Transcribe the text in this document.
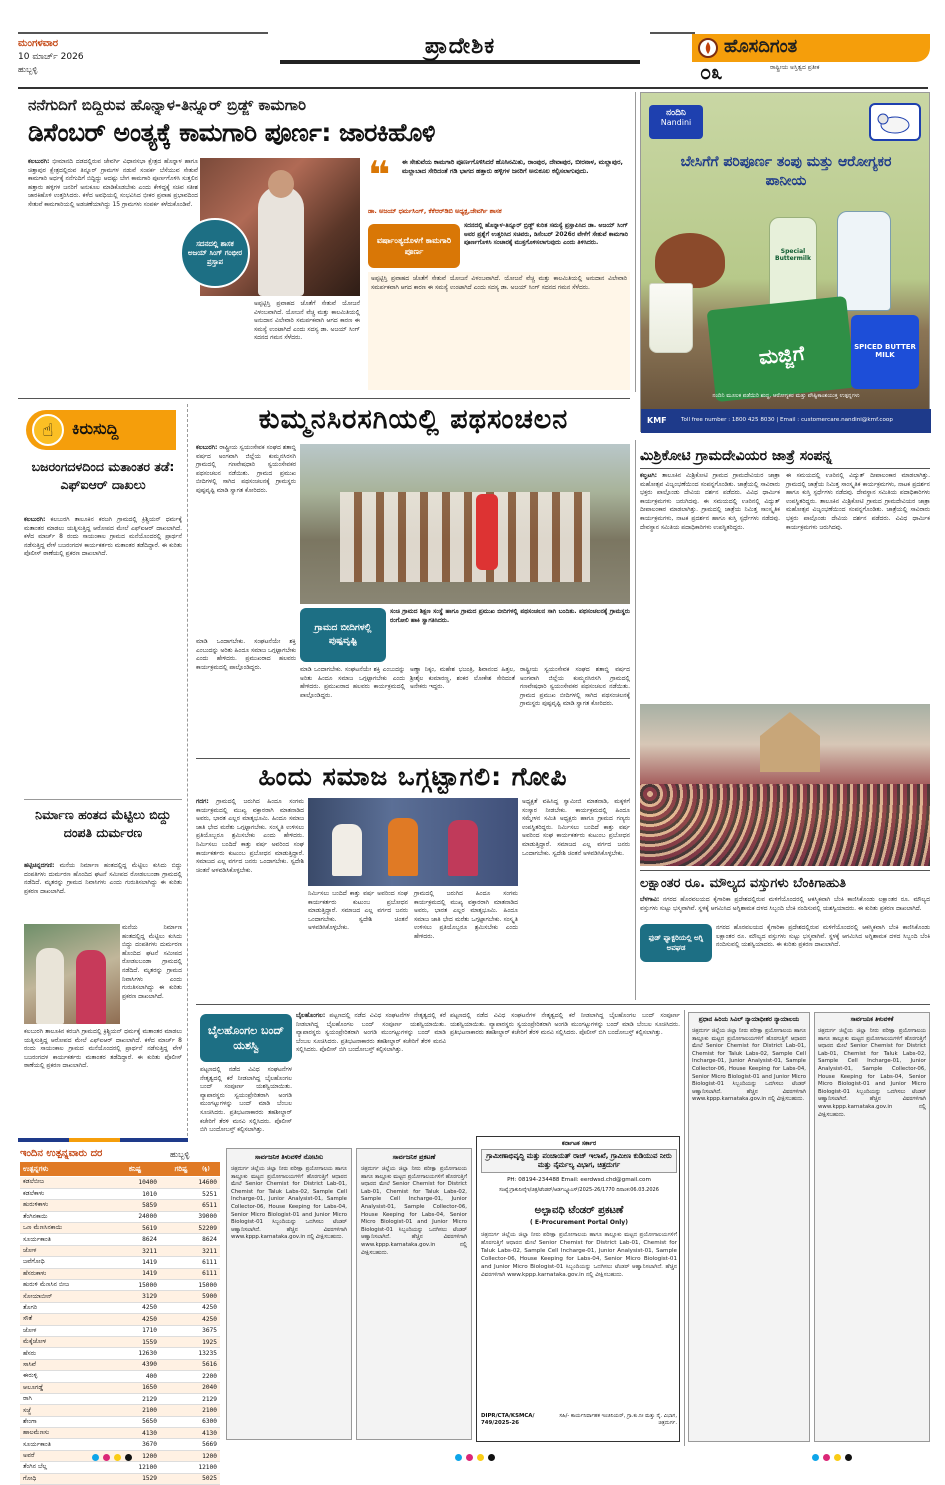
ಮಂಗಳವಾರ
10 ಮಾರ್ಚ್ 2026
ಹುಬ್ಬಳ್ಳಿ
ಪ್ರಾದೇಶಿಕ	ಹೊಸದಿಗಂತ
ರಾಷ್ಟ್ರೀಯ ಅಸ್ತಿತ್ವದ ಪ್ರತೀಕ
೦೩
ನನೆಗುದಿಗೆ ಬಿದ್ದಿರುವ ಹೊನ್ನಾಳ-ತಿನ್ನೂರ್ ಬ್ರಿಡ್ಜ್ ಕಾಮಗಾರಿ
ಡಿಸೆಂಬರ್ ಅಂತ್ಯಕ್ಕೆ ಕಾಮಗಾರಿ ಪೂರ್ಣ: ಜಾರಕಿಹೊಳಿ
ಕಲಬುರಗಿ: ಭೀಮಾನದಿ ದಡದಲ್ಲಿರುವ ಜೇವರ್ಗಿ ವಿಧಾನಸಭಾ ಕ್ಷೇತ್ರದ ಹೊನ್ನಾಳ ಹಾಗೂ ಚಿತ್ತಾಪುರ ಕ್ಷೇತ್ರದಲ್ಲಿರುವ ತಿನ್ನೂರ್ ಗ್ರಾಮಗಳ ನಡುವೆ ಸಂಪರ್ಕ ಬೆಸೆಯುವ ಸೇತುವೆ ಕಾಮಗಾರಿ ಅರ್ಧಕ್ಕೆ ನನೆಗುದಿಗೆ ಬಿದ್ದಿದ್ದು ಆದಷ್ಟು ಬೇಗ ಕಾಮಗಾರಿ ಪೂರ್ಣಗೊಳಿಸಿ ಸುತ್ತಲಿನ ಹತ್ತಾರು ಹಳ್ಳಿಗಳ ಜನರಿಗೆ ಅನುಕೂಲ ಮಾಡಿಕೊಡಬೇಕು ಎಂದು ಕೇಳಿದ್ದಕ್ಕೆ ಸಚಿವ ಸತೀಶ ಜಾರಕಿಹೊಳಿ ಉತ್ತರಿಸಿದರು. ಕಳೆದ ಅವಧಿಯಲ್ಲಿ ಸಂಭವಿಸಿದ ಭೀಕರ ಪ್ರವಾಹ ಪ್ರಭಾವದಿಂದ ಸೇತುವೆ ಕಾಮಗಾರಿಯಲ್ಲಿ ಅಡಚಣೆಯಾಗಿದ್ದು 15 ಗ್ರಾಮಗಳು ಸಂಪರ್ಕ ಕಳೆದುಕೊಂಡಿವೆ.
ಸದನದಲ್ಲಿ ಶಾಸಕ ಅಜಯ್ ಸಿಂಗ್ ಗಂಭೀರ ಪ್ರಸ್ತಾಪ
ಅಪ್ಪಟ್ಟಿಸ್ತಿ ಪ್ರವಾಹದ ಜೊತೆಗೆ ಸೇತುವೆ ಯೋಜನೆ ವಿಳಂಬವಾಗಿದೆ. ಯೋಜನೆ ವೆಚ್ಚ ಮತ್ತು ಕಾಲಮಿತಿಯಲ್ಲಿ ಅನುದಾನ ವಿಲೇವಾರಿ ಸಮರ್ಪಕವಾಗಿ ಆಗದ ಕಾರಣ ಈ ಸಮಸ್ಯೆ ಉಂಟಾಗಿದೆ ಎಂದು ಸದಸ್ಯ ಡಾ. ಅಜಯ್ ಸಿಂಗ್ ಸದನದ ಗಮನ ಸೆಳೆದರು.
❝	ಈ ಸೇತುವೆಯ ಕಾಮಗಾರಿ ಪೂರ್ಣಗೊಳಿಸಿದರೆ ಹೊಸಿನಮಿತು, ರಾಂಪುರ, ದೇವಾಪುರ, ಬೀರನಾಳ, ಮಲ್ಲಾಪುರ, ಮಲ್ಲಾಬಾದ ಸೇರಿದಂತೆ ಗಡಿ ಭಾಗದ ಹತ್ತಾರು ಹಳ್ಳಿಗಳ ಜನರಿಗೆ ಅನುಕೂಲ ಕಲ್ಪಿಸಲಾಗುವುದು.
ಡಾ. ಅಜಯ್ ಧರ್ಮಸಿಂಗ್, ಕೆಕೆಆರ್‌ಡಿಬಿ ಅಧ್ಯಕ್ಷ,ಜೇವರ್ಗಿ ಶಾಸಕ
ವರ್ಷಾಂತ್ಯದೊಳಗೆ ಕಾಮಗಾರಿ ಪೂರ್ಣ
ಸದನದಲ್ಲಿ ಹೊನ್ನಾಳ-ತಿನ್ನೂರ್ ಬ್ರಿಡ್ಜ್ ಕುರಿತ ಸಮಸ್ಯೆ ಪ್ರಸ್ತಾಪಿಸಿದ ಡಾ. ಅಜಯ್ ಸಿಂಗ್ ಅವರ ಪ್ರಶ್ನೆಗೆ ಉತ್ತರಿಸಿದ ಸಚಿವರು, ಡಿಸೆಂಬರ್ 2026ರ ವೇಳೆಗೆ ಸೇತುವೆ ಕಾಮಗಾರಿ ಪೂರ್ಣಗೊಳಿಸಿ ಸಂಚಾರಕ್ಕೆ ಮುಕ್ತಗೊಳಿಸಲಾಗುವುದು ಎಂದು ತಿಳಿಸಿದರು.
ಅಪ್ಪಟ್ಟಿಸ್ತಿ ಪ್ರವಾಹದ ಜೊತೆಗೆ ಸೇತುವೆ ಯೋಜನೆ ವಿಳಂಬವಾಗಿದೆ. ಯೋಜನೆ ವೆಚ್ಚ ಮತ್ತು ಕಾಲಮಿತಿಯಲ್ಲಿ ಅನುದಾನ ವಿಲೇವಾರಿ ಸಮರ್ಪಕವಾಗಿ ಆಗದ ಕಾರಣ ಈ ಸಮಸ್ಯೆ ಉಂಟಾಗಿದೆ ಎಂದು ಸದಸ್ಯ ಡಾ. ಅಜಯ್ ಸಿಂಗ್ ಸದನದ ಗಮನ ಸೆಳೆದರು.
ನಂದಿನಿ
Nandini
ಬೇಸಿಗೆಗೆ ಪರಿಪೂರ್ಣ ತಂಪು ಮತ್ತು ಆರೋಗ್ಯಕರ ಪಾನೀಯ
Special Buttermilk
ಮಜ್ಜಿಗೆ	SPICED BUTTER MILK
ನಂದಿನಿ ಮೂಲಕ ಪಡೆಯಿರಿ ಶುದ್ಧ, ಆರೋಗ್ಯಕರ ಮತ್ತು ಪೌಷ್ಟಿಕಾಂಶಯುಕ್ತ ಉತ್ಪನ್ನಗಳು
KMF	Toll free number : 1800 425 8030 | Email : customercare.nandini@kmf.coop
☝	ಕಿರುಸುದ್ದಿ
ಬಜರಂಗದಳದಿಂದ ಮತಾಂತರ ತಡೆ: ಎಫ್‌ಐಆರ್ ದಾಖಲು
ಕಲಬುರಗಿ: ಕಲಬುರಗಿ ತಾಲೂಕಿನ ಕರಜಗಿ ಗ್ರಾಮದಲ್ಲಿ ಕ್ರಿಶ್ಚಿಯನ್ ಧರ್ಮಕ್ಕೆ ಮತಾಂತರ ಮಾಡಲು ಯತ್ನಿಸುತ್ತಿದ್ದ ಆರೋಪದ ಮೇಲೆ ಎಫ್‌ಐಆರ್ ದಾಖಲಾಗಿದೆ. ಕಳೆದ ಮಾರ್ಚ್ 8 ರಂದು ಸಾಯಂಕಾಲ ಗ್ರಾಮದ ಮನೆಯೊಂದರಲ್ಲಿ ಪ್ರಾರ್ಥನೆ ನಡೆಸುತ್ತಿದ್ದ ವೇಳೆ ಬಜರಂಗದಳ ಕಾರ್ಯಕರ್ತರು ಮತಾಂತರ ತಡೆದಿದ್ದಾರೆ. ಈ ಕುರಿತು ಪೊಲೀಸ್ ಠಾಣೆಯಲ್ಲಿ ಪ್ರಕರಣ ದಾಖಲಾಗಿದೆ.
ನಿರ್ಮಾಣ ಹಂತದ ಮೆಟ್ಟಿಲು ಬಿದ್ದು ದಂಪತಿ ದುರ್ಮರಣ
ಹಟ್ಟಿಚಿನ್ನದಗಣಿ: ಮನೆಯ ನಿರ್ಮಾಣ ಹಂತದಲ್ಲಿದ್ದ ಮೆಟ್ಟಿಲು ಕುಸಿದು ಬಿದ್ದು ದಂಪತಿಗಳು ದುರ್ಮರಣ ಹೊಂದಿದ ಘಟನೆ ಸಮೀಪದ ರೋಡಲಬಂಡಾ ಗ್ರಾಮದಲ್ಲಿ ನಡೆದಿದೆ. ಮೃತರನ್ನು ಗ್ರಾಮದ ನಿವಾಸಿಗಳು ಎಂದು ಗುರುತಿಸಲಾಗಿದ್ದು ಈ ಕುರಿತು ಪ್ರಕರಣ ದಾಖಲಾಗಿದೆ.
ಮನೆಯ ನಿರ್ಮಾಣ ಹಂತದಲ್ಲಿದ್ದ ಮೆಟ್ಟಿಲು ಕುಸಿದು ಬಿದ್ದು ದಂಪತಿಗಳು ದುರ್ಮರಣ ಹೊಂದಿದ ಘಟನೆ ಸಮೀಪದ ರೋಡಲಬಂಡಾ ಗ್ರಾಮದಲ್ಲಿ ನಡೆದಿದೆ. ಮೃತರನ್ನು ಗ್ರಾಮದ ನಿವಾಸಿಗಳು ಎಂದು ಗುರುತಿಸಲಾಗಿದ್ದು ಈ ಕುರಿತು ಪ್ರಕರಣ ದಾಖಲಾಗಿದೆ.
ಕಲಬುರಗಿ ತಾಲೂಕಿನ ಕರಜಗಿ ಗ್ರಾಮದಲ್ಲಿ ಕ್ರಿಶ್ಚಿಯನ್ ಧರ್ಮಕ್ಕೆ ಮತಾಂತರ ಮಾಡಲು ಯತ್ನಿಸುತ್ತಿದ್ದ ಆರೋಪದ ಮೇಲೆ ಎಫ್‌ಐಆರ್ ದಾಖಲಾಗಿದೆ. ಕಳೆದ ಮಾರ್ಚ್ 8 ರಂದು ಸಾಯಂಕಾಲ ಗ್ರಾಮದ ಮನೆಯೊಂದರಲ್ಲಿ ಪ್ರಾರ್ಥನೆ ನಡೆಸುತ್ತಿದ್ದ ವೇಳೆ ಬಜರಂಗದಳ ಕಾರ್ಯಕರ್ತರು ಮತಾಂತರ ತಡೆದಿದ್ದಾರೆ. ಈ ಕುರಿತು ಪೊಲೀಸ್ ಠಾಣೆಯಲ್ಲಿ ಪ್ರಕರಣ ದಾಖಲಾಗಿದೆ.
ಕುಮ್ಮನಸಿರಸಗಿಯಲ್ಲಿ ಪಥಸಂಚಲನ
ಕಲಬುರಗಿ: ರಾಷ್ಟ್ರೀಯ ಸ್ವಯಂಸೇವಕ ಸಂಘದ ಶತಾಬ್ದಿ ವರ್ಷದ ಅಂಗವಾಗಿ ಜಿಲ್ಲೆಯ ಕುಮ್ಮನಸಿರಸಗಿ ಗ್ರಾಮದಲ್ಲಿ ಗಣವೇಷಧಾರಿ ಸ್ವಯಂಸೇವಕರ ಪಥಸಂಚಲನ ನಡೆಯಿತು. ಗ್ರಾಮದ ಪ್ರಮುಖ ಬೀದಿಗಳಲ್ಲಿ ಸಾಗಿದ ಪಥಸಂಚಲನಕ್ಕೆ ಗ್ರಾಮಸ್ಥರು ಪುಷ್ಪವೃಷ್ಟಿ ಮಾಡಿ ಸ್ವಾಗತ ಕೋರಿದರು.
ಗ್ರಾಮದ ಬೀದಿಗಳಲ್ಲಿ ಪುಷ್ಪವೃಷ್ಟಿ
ಸಂಚಿ ಗ್ರಾಮದ ಶಿಕ್ಷಣ ಸಂಸ್ಥೆ ಹಾಗೂ ಗ್ರಾಮದ ಪ್ರಮುಖ ಬೀದಿಗಳಲ್ಲಿ ಪಥಸಂಚಲನ ಸಾಗಿ ಬಂದಿತು. ಪಥಸಂಚಲನಕ್ಕೆ ಗ್ರಾಮಸ್ಥರು ರಂಗೋಲಿ ಹಾಕಿ ಸ್ವಾಗತಿಸಿದರು.
ಮಾಡಿ ಒಂದಾಗಬೇಕು. ಸಂಘಟನೆಯೇ ಶಕ್ತಿ ಎಂಬುದನ್ನು ಅರಿತು ಹಿಂದೂ ಸಮಾಜ ಒಗ್ಗಟ್ಟಾಗಬೇಕು ಎಂದು ಹೇಳಿದರು. ಪ್ರಮುಖರಾದ ಹಲವರು ಕಾರ್ಯಕ್ರಮದಲ್ಲಿ ಪಾಲ್ಗೊಂಡಿದ್ದರು.	ಮಾಡಿ ಒಂದಾಗಬೇಕು. ಸಂಘಟನೆಯೇ ಶಕ್ತಿ ಎಂಬುದನ್ನು ಅರಿತು ಹಿಂದೂ ಸಮಾಜ ಒಗ್ಗಟ್ಟಾಗಬೇಕು ಎಂದು ಹೇಳಿದರು. ಪ್ರಮುಖರಾದ ಹಲವರು ಕಾರ್ಯಕ್ರಮದಲ್ಲಿ ಪಾಲ್ಗೊಂಡಿದ್ದರು.
ಅಣ್ಣಾ ನಿಕ್ಕಂ, ಮಹೇಶ ಭಜಂತ್ರಿ, ಶಿವಾನಂದ ಹಿತ್ತಲ, ಶ್ರೀಶೈಲ ಕುಮಾರಣ್ಣ, ಶಂಕರ ಲೋಕೇಶ ಸೇರಿದಂತೆ ಅನೇಕರು ಇದ್ದರು.
ರಾಷ್ಟ್ರೀಯ ಸ್ವಯಂಸೇವಕ ಸಂಘದ ಶತಾಬ್ದಿ ವರ್ಷದ ಅಂಗವಾಗಿ ಜಿಲ್ಲೆಯ ಕುಮ್ಮನಸಿರಸಗಿ ಗ್ರಾಮದಲ್ಲಿ ಗಣವೇಷಧಾರಿ ಸ್ವಯಂಸೇವಕರ ಪಥಸಂಚಲನ ನಡೆಯಿತು. ಗ್ರಾಮದ ಪ್ರಮುಖ ಬೀದಿಗಳಲ್ಲಿ ಸಾಗಿದ ಪಥಸಂಚಲನಕ್ಕೆ ಗ್ರಾಮಸ್ಥರು ಪುಷ್ಪವೃಷ್ಟಿ ಮಾಡಿ ಸ್ವಾಗತ ಕೋರಿದರು.
ಮಿಶ್ರಿಕೋಟಿ ಗ್ರಾಮದೇವಿಯರ ಜಾತ್ರೆ ಸಂಪನ್ನ
ಕಲ್ಘಟಗಿ: ತಾಲೂಕಿನ ಮಿಶ್ರಿಕೋಟಿ ಗ್ರಾಮದ ಗ್ರಾಮದೇವಿಯರ ಜಾತ್ರಾ ಮಹೋತ್ಸವ ವಿಜೃಂಭಣೆಯಿಂದ ಸಂಪನ್ನಗೊಂಡಿತು. ಜಾತ್ರೆಯಲ್ಲಿ ಸಾವಿರಾರು ಭಕ್ತರು ಪಾಲ್ಗೊಂಡು ದೇವಿಯ ದರ್ಶನ ಪಡೆದರು. ವಿವಿಧ ಧಾರ್ಮಿಕ ಕಾರ್ಯಕ್ರಮಗಳು ಜರುಗಿದವು. ಈ ಸಮಯದಲ್ಲಿ ಊರಿನಲ್ಲಿ ವಿದ್ಯುತ್ ದೀಪಾಲಂಕಾರ ಮಾಡಲಾಗಿತ್ತು. ಗ್ರಾಮದಲ್ಲಿ ಜಾತ್ರೆಯ ನಿಮಿತ್ತ ಸಾಂಸ್ಕೃತಿಕ ಕಾರ್ಯಕ್ರಮಗಳು, ನಾಟಕ ಪ್ರದರ್ಶನ ಹಾಗೂ ಕುಸ್ತಿ ಸ್ಪರ್ಧೆಗಳು ನಡೆದವು. ದೇವಸ್ಥಾನ ಸಮಿತಿಯ ಪದಾಧಿಕಾರಿಗಳು ಉಪಸ್ಥಿತರಿದ್ದರು.
ಈ ಸಮಯದಲ್ಲಿ ಊರಿನಲ್ಲಿ ವಿದ್ಯುತ್ ದೀಪಾಲಂಕಾರ ಮಾಡಲಾಗಿತ್ತು. ಗ್ರಾಮದಲ್ಲಿ ಜಾತ್ರೆಯ ನಿಮಿತ್ತ ಸಾಂಸ್ಕೃತಿಕ ಕಾರ್ಯಕ್ರಮಗಳು, ನಾಟಕ ಪ್ರದರ್ಶನ ಹಾಗೂ ಕುಸ್ತಿ ಸ್ಪರ್ಧೆಗಳು ನಡೆದವು. ದೇವಸ್ಥಾನ ಸಮಿತಿಯ ಪದಾಧಿಕಾರಿಗಳು ಉಪಸ್ಥಿತರಿದ್ದರು. ತಾಲೂಕಿನ ಮಿಶ್ರಿಕೋಟಿ ಗ್ರಾಮದ ಗ್ರಾಮದೇವಿಯರ ಜಾತ್ರಾ ಮಹೋತ್ಸವ ವಿಜೃಂಭಣೆಯಿಂದ ಸಂಪನ್ನಗೊಂಡಿತು. ಜಾತ್ರೆಯಲ್ಲಿ ಸಾವಿರಾರು ಭಕ್ತರು ಪಾಲ್ಗೊಂಡು ದೇವಿಯ ದರ್ಶನ ಪಡೆದರು. ವಿವಿಧ ಧಾರ್ಮಿಕ ಕಾರ್ಯಕ್ರಮಗಳು ಜರುಗಿದವು.
ಹಿಂದು ಸಮಾಜ ಒಗ್ಗಟ್ಟಾಗಲಿ: ಗೋಪಿ
ಗದಗ: ಗ್ರಾಮದಲ್ಲಿ ಜರುಗಿದ ಹಿಂದೂ ಸಂಗಮ ಕಾರ್ಯಕ್ರಮದಲ್ಲಿ ಮುಖ್ಯ ವಕ್ತಾರರಾಗಿ ಮಾತನಾಡಿದ ಅವರು, ಭಾರತ ಎಲ್ಲರ ಮಾತೃಭೂಮಿ. ಹಿಂದೂ ಸಮಾಜ ಜಾತಿ ಭೇದ ಮರೆತು ಒಗ್ಗಟ್ಟಾಗಬೇಕು. ಸಂಸ್ಕೃತಿ ಉಳಿಸಲು ಪ್ರತಿಯೊಬ್ಬರೂ ಶ್ರಮಿಸಬೇಕು ಎಂದು ಹೇಳಿದರು. ನಿರ್ಮಿಸಲು ಬಂದಿದೆ ಕಾತ್ತು ವರ್ಷ ಅವರಿಂದ ಸಂಘ ಕಾರ್ಯಕರ್ತರು ಕುಟುಂಬ ಪ್ರಬೋಧನ ಮಾಡುತ್ತಿದ್ದಾರೆ. ಸಮಾಜದ ಎಲ್ಲ ವರ್ಗದ ಜನರು ಒಂದಾಗಬೇಕು. ಸ್ವದೇಶಿ ಚಿಂತನೆ ಅಳವಡಿಸಿಕೊಳ್ಳಬೇಕು.
ನಿರ್ಮಿಸಲು ಬಂದಿದೆ ಕಾತ್ತು ವರ್ಷ ಅವರಿಂದ ಸಂಘ ಕಾರ್ಯಕರ್ತರು ಕುಟುಂಬ ಪ್ರಬೋಧನ ಮಾಡುತ್ತಿದ್ದಾರೆ. ಸಮಾಜದ ಎಲ್ಲ ವರ್ಗದ ಜನರು ಒಂದಾಗಬೇಕು. ಸ್ವದೇಶಿ ಚಿಂತನೆ ಅಳವಡಿಸಿಕೊಳ್ಳಬೇಕು.
ಗ್ರಾಮದಲ್ಲಿ ಜರುಗಿದ ಹಿಂದೂ ಸಂಗಮ ಕಾರ್ಯಕ್ರಮದಲ್ಲಿ ಮುಖ್ಯ ವಕ್ತಾರರಾಗಿ ಮಾತನಾಡಿದ ಅವರು, ಭಾರತ ಎಲ್ಲರ ಮಾತೃಭೂಮಿ. ಹಿಂದೂ ಸಮಾಜ ಜಾತಿ ಭೇದ ಮರೆತು ಒಗ್ಗಟ್ಟಾಗಬೇಕು. ಸಂಸ್ಕೃತಿ ಉಳಿಸಲು ಪ್ರತಿಯೊಬ್ಬರೂ ಶ್ರಮಿಸಬೇಕು ಎಂದು ಹೇಳಿದರು.
ಅಧ್ಯಕ್ಷತೆ ವಹಿಸಿದ್ದ ಸ್ವಾಮೀಜಿ ಮಾತನಾಡಿ, ಮಕ್ಕಳಿಗೆ ಸಂಸ್ಕಾರ ನೀಡಬೇಕು. ಕಾರ್ಯಕ್ರಮದಲ್ಲಿ ಹಿಂದೂ ಸಮ್ಮೇಳನ ಸಮಿತಿ ಅಧ್ಯಕ್ಷರು ಹಾಗೂ ಗ್ರಾಮದ ಗಣ್ಯರು ಉಪಸ್ಥಿತರಿದ್ದರು. ನಿರ್ಮಿಸಲು ಬಂದಿದೆ ಕಾತ್ತು ವರ್ಷ ಅವರಿಂದ ಸಂಘ ಕಾರ್ಯಕರ್ತರು ಕುಟುಂಬ ಪ್ರಬೋಧನ ಮಾಡುತ್ತಿದ್ದಾರೆ. ಸಮಾಜದ ಎಲ್ಲ ವರ್ಗದ ಜನರು ಒಂದಾಗಬೇಕು. ಸ್ವದೇಶಿ ಚಿಂತನೆ ಅಳವಡಿಸಿಕೊಳ್ಳಬೇಕು.
ಲಕ್ಷಾಂತರ ರೂ. ಮೌಲ್ಯದ ವಸ್ತುಗಳು ಬೆಂಕಿಗಾಹುತಿ
ಬೆಳಗಾವಿ: ನಗರದ ಹೊರವಲಯದ ಕೈಗಾರಿಕಾ ಪ್ರದೇಶದಲ್ಲಿರುವ ಮಳಿಗೆಯೊಂದರಲ್ಲಿ ಆಕಸ್ಮಿಕವಾಗಿ ಬೆಂಕಿ ಕಾಣಿಸಿಕೊಂಡು ಲಕ್ಷಾಂತರ ರೂ. ಮೌಲ್ಯದ ವಸ್ತುಗಳು ಸುಟ್ಟು ಭಸ್ಮವಾಗಿವೆ. ಸ್ಥಳಕ್ಕೆ ಆಗಮಿಸಿದ ಅಗ್ನಿಶಾಮಕ ದಳದ ಸಿಬ್ಬಂದಿ ಬೆಂಕಿ ನಂದಿಸುವಲ್ಲಿ ಯಶಸ್ವಿಯಾದರು. ಈ ಕುರಿತು ಪ್ರಕರಣ ದಾಖಲಾಗಿದೆ.
ಫುಡ್ ಫ್ಯಾಕ್ಟರಿಯಲ್ಲಿ ಅಗ್ನಿ ಅವಘಡ
ನಗರದ ಹೊರವಲಯದ ಕೈಗಾರಿಕಾ ಪ್ರದೇಶದಲ್ಲಿರುವ ಮಳಿಗೆಯೊಂದರಲ್ಲಿ ಆಕಸ್ಮಿಕವಾಗಿ ಬೆಂಕಿ ಕಾಣಿಸಿಕೊಂಡು ಲಕ್ಷಾಂತರ ರೂ. ಮೌಲ್ಯದ ವಸ್ತುಗಳು ಸುಟ್ಟು ಭಸ್ಮವಾಗಿವೆ. ಸ್ಥಳಕ್ಕೆ ಆಗಮಿಸಿದ ಅಗ್ನಿಶಾಮಕ ದಳದ ಸಿಬ್ಬಂದಿ ಬೆಂಕಿ ನಂದಿಸುವಲ್ಲಿ ಯಶಸ್ವಿಯಾದರು. ಈ ಕುರಿತು ಪ್ರಕರಣ ದಾಖಲಾಗಿದೆ.
ಬೈಲಹೊಂಗಲ ಬಂದ್ ಯಶಸ್ವಿ
ಬೈಲಹೊಂಗಲ: ಪಟ್ಟಣದಲ್ಲಿ ನಡೆದ ವಿವಿಧ ಸಂಘಟನೆಗಳ ನೇತೃತ್ವದಲ್ಲಿ ಕರೆ ನೀಡಲಾಗಿದ್ದ ಬೈಲಹೊಂಗಲ ಬಂದ್ ಸಂಪೂರ್ಣ ಯಶಸ್ವಿಯಾಯಿತು. ವ್ಯಾಪಾರಸ್ಥರು ಸ್ವಯಂಪ್ರೇರಿತರಾಗಿ ಅಂಗಡಿ ಮುಂಗಟ್ಟುಗಳನ್ನು ಬಂದ್ ಮಾಡಿ ಬೆಂಬಲ ಸೂಚಿಸಿದರು. ಪ್ರತಿಭಟನಾಕಾರರು ತಹಶೀಲ್ದಾರ್ ಕಚೇರಿಗೆ ತೆರಳಿ ಮನವಿ ಸಲ್ಲಿಸಿದರು. ಪೊಲೀಸ್ ಬಿಗಿ ಬಂದೋಬಸ್ತ್ ಕಲ್ಪಿಸಲಾಗಿತ್ತು.
ಪಟ್ಟಣದಲ್ಲಿ ನಡೆದ ವಿವಿಧ ಸಂಘಟನೆಗಳ ನೇತೃತ್ವದಲ್ಲಿ ಕರೆ ನೀಡಲಾಗಿದ್ದ ಬೈಲಹೊಂಗಲ ಬಂದ್ ಸಂಪೂರ್ಣ ಯಶಸ್ವಿಯಾಯಿತು. ವ್ಯಾಪಾರಸ್ಥರು ಸ್ವಯಂಪ್ರೇರಿತರಾಗಿ ಅಂಗಡಿ ಮುಂಗಟ್ಟುಗಳನ್ನು ಬಂದ್ ಮಾಡಿ ಬೆಂಬಲ ಸೂಚಿಸಿದರು. ಪ್ರತಿಭಟನಾಕಾರರು ತಹಶೀಲ್ದಾರ್ ಕಚೇರಿಗೆ ತೆರಳಿ ಮನವಿ ಸಲ್ಲಿಸಿದರು. ಪೊಲೀಸ್ ಬಿಗಿ ಬಂದೋಬಸ್ತ್ ಕಲ್ಪಿಸಲಾಗಿತ್ತು.
ಪಟ್ಟಣದಲ್ಲಿ ನಡೆದ ವಿವಿಧ ಸಂಘಟನೆಗಳ ನೇತೃತ್ವದಲ್ಲಿ ಕರೆ ನೀಡಲಾಗಿದ್ದ ಬೈಲಹೊಂಗಲ ಬಂದ್ ಸಂಪೂರ್ಣ ಯಶಸ್ವಿಯಾಯಿತು. ವ್ಯಾಪಾರಸ್ಥರು ಸ್ವಯಂಪ್ರೇರಿತರಾಗಿ ಅಂಗಡಿ ಮುಂಗಟ್ಟುಗಳನ್ನು ಬಂದ್ ಮಾಡಿ ಬೆಂಬಲ ಸೂಚಿಸಿದರು. ಪ್ರತಿಭಟನಾಕಾರರು ತಹಶೀಲ್ದಾರ್ ಕಚೇರಿಗೆ ತೆರಳಿ ಮನವಿ ಸಲ್ಲಿಸಿದರು. ಪೊಲೀಸ್ ಬಿಗಿ ಬಂದೋಬಸ್ತ್ ಕಲ್ಪಿಸಲಾಗಿತ್ತು.
ಪ್ರಧಾನ ಹಿರಿಯ ಸಿವಿಲ್ ನ್ಯಾಯಾಧೀಶರ ನ್ಯಾಯಾಲಯ
ಚಿತ್ರದುರ್ಗ ಜಿಲ್ಲೆಯ ಜಿಲ್ಲಾ ನೀರು ಪರೀಕ್ಷಾ ಪ್ರಯೋಗಾಲಯ ಹಾಗೂ ತಾಲ್ಲೂಕು ಮಟ್ಟದ ಪ್ರಯೋಗಾಲಯಗಳಿಗೆ ಹೊರಗುತ್ತಿಗೆ ಆಧಾರದ ಮೇಲೆ Senior Chemist for District Lab-01, Chemist for Taluk Labs-02, Sample Cell Incharge-01, Junior Analysist-01, Sample Collector-06, House Keeping for Labs-04, Senior Micro Biologist-01 and Junior Micro Biologist-01 ಸಿಬ್ಬಂದಿಯನ್ನು ಒದಗಿಸಲು ಟೆಂಡರ್ ಆಹ್ವಾನಿಸಲಾಗಿದೆ. ಹೆಚ್ಚಿನ ವಿವರಗಳಿಗಾಗಿ www.kppp.karnataka.gov.in ನಲ್ಲಿ ವೀಕ್ಷಿಸಬಹುದು.
ಸಾರ್ವಜನಿಕ ತಿಳುವಳಿಕೆ
ಚಿತ್ರದುರ್ಗ ಜಿಲ್ಲೆಯ ಜಿಲ್ಲಾ ನೀರು ಪರೀಕ್ಷಾ ಪ್ರಯೋಗಾಲಯ ಹಾಗೂ ತಾಲ್ಲೂಕು ಮಟ್ಟದ ಪ್ರಯೋಗಾಲಯಗಳಿಗೆ ಹೊರಗುತ್ತಿಗೆ ಆಧಾರದ ಮೇಲೆ Senior Chemist for District Lab-01, Chemist for Taluk Labs-02, Sample Cell Incharge-01, Junior Analysist-01, Sample Collector-06, House Keeping for Labs-04, Senior Micro Biologist-01 and Junior Micro Biologist-01 ಸಿಬ್ಬಂದಿಯನ್ನು ಒದಗಿಸಲು ಟೆಂಡರ್ ಆಹ್ವಾನಿಸಲಾಗಿದೆ. ಹೆಚ್ಚಿನ ವಿವರಗಳಿಗಾಗಿ www.kppp.karnataka.gov.in ನಲ್ಲಿ ವೀಕ್ಷಿಸಬಹುದು.
ಇಂದಿನ ಉತ್ಪನ್ನವಾರು ದರ	ಹುಬ್ಬಳ್ಳಿ
ಉತ್ಪನ್ನಗಳು	ಕನಿಷ್ಟ	ಗರಿಷ್ಟ	(ಕ್ವಿ)
ಕಡಲೆಬೀಜ	10400	14600
ಕಡಲೆಕಾಳು	1010	5251
ಹುರುಳಿಕಾಳು	5859	6511
ತೆಂಗಿನಕಾಯಿ	24000	39000
ಒಣ ಮೆಣಸಿನಕಾಯಿ	5619	52209
ಸೂರ್ಯಕಾಂತಿ	8624	8624
ಜೋಳ	3211	3211
ಜವೆಗೋಧಿ	1419	6111
ಹೆಸರುಕಾಳು	1419	6111
ಹುರುಳಿ ಮೆಣಸಿನ ಬೀಜ	15000	15000
ಸೋಯಾಬೀನ್	3129	5900
ತೊಗರಿ	4250	4250
ಸೌತೆ	4250	4250
ಜೋಳ	1710	3675
ಮೆಕ್ಕೆಜೋಳ	1559	1925
ಹೆಸರು	12630	13235
ಸಾಸಿವೆ	4390	5616
ಈರುಳ್ಳಿ	400	2200
ಆಲೂಗಡ್ಡೆ	1650	2040
ರಾಗಿ	2129	2129
ಸಜ್ಜೆ	2100	2100
ಶೇಂಗಾ	5650	6300
ಹಾಲಮೆಣಸು	4130	4130
ಸೂರ್ಯಕಾಂತಿ	3670	5669
ಅವರೆ	1200	1200
ತೆಂಗಿನ ಬೆಲ್ಲ	12100	12100
ಗೋಧಿ	1529	5025
ಸಾರ್ವಜನಿಕ ತಿಳುವಳಿಕೆ ನೋಟಿಸು
ಚಿತ್ರದುರ್ಗ ಜಿಲ್ಲೆಯ ಜಿಲ್ಲಾ ನೀರು ಪರೀಕ್ಷಾ ಪ್ರಯೋಗಾಲಯ ಹಾಗೂ ತಾಲ್ಲೂಕು ಮಟ್ಟದ ಪ್ರಯೋಗಾಲಯಗಳಿಗೆ ಹೊರಗುತ್ತಿಗೆ ಆಧಾರದ ಮೇಲೆ Senior Chemist for District Lab-01, Chemist for Taluk Labs-02, Sample Cell Incharge-01, Junior Analysist-01, Sample Collector-06, House Keeping for Labs-04, Senior Micro Biologist-01 and Junior Micro Biologist-01 ಸಿಬ್ಬಂದಿಯನ್ನು ಒದಗಿಸಲು ಟೆಂಡರ್ ಆಹ್ವಾನಿಸಲಾಗಿದೆ. ಹೆಚ್ಚಿನ ವಿವರಗಳಿಗಾಗಿ www.kppp.karnataka.gov.in ನಲ್ಲಿ ವೀಕ್ಷಿಸಬಹುದು.
ಸಾರ್ವಜನಿಕ ಪ್ರಕಟಣೆ
ಚಿತ್ರದುರ್ಗ ಜಿಲ್ಲೆಯ ಜಿಲ್ಲಾ ನೀರು ಪರೀಕ್ಷಾ ಪ್ರಯೋಗಾಲಯ ಹಾಗೂ ತಾಲ್ಲೂಕು ಮಟ್ಟದ ಪ್ರಯೋಗಾಲಯಗಳಿಗೆ ಹೊರಗುತ್ತಿಗೆ ಆಧಾರದ ಮೇಲೆ Senior Chemist for District Lab-01, Chemist for Taluk Labs-02, Sample Cell Incharge-01, Junior Analysist-01, Sample Collector-06, House Keeping for Labs-04, Senior Micro Biologist-01 and Junior Micro Biologist-01 ಸಿಬ್ಬಂದಿಯನ್ನು ಒದಗಿಸಲು ಟೆಂಡರ್ ಆಹ್ವಾನಿಸಲಾಗಿದೆ. ಹೆಚ್ಚಿನ ವಿವರಗಳಿಗಾಗಿ www.kppp.karnataka.gov.in ನಲ್ಲಿ ವೀಕ್ಷಿಸಬಹುದು.
ಕರ್ನಾಟಕ ಸರ್ಕಾರ
ಗ್ರಾಮೀಣಾಭಿವೃದ್ಧಿ ಮತ್ತು ಪಂಚಾಯತ್ ರಾಜ್ ಇಲಾಖೆ, ಗ್ರಾಮೀಣ ಕುಡಿಯುವ ನೀರು ಮತ್ತು ನೈರ್ಮಲ್ಯ ವಿಭಾಗ, ಚಿತ್ರದುರ್ಗ
PH: 08194-234488 Email: eerdwsd.chd@gmail.com
ಸಂಖ್ಯೆ:ಗ್ರಾಕುನೀನೈಇ/ಚಿತ್ರ/ಟೆಂಡರ್/ಆರ್ಡಬ್ಲ್ಯೂಎಸ್/2025-26/1770 ದಿನಾಂಕ:06.03.2026
ಅಲ್ಪಾವಧಿ ಟೆಂಡರ್ ಪ್ರಕಟಣೆ
( E-Procurement Portal Only)
ಚಿತ್ರದುರ್ಗ ಜಿಲ್ಲೆಯ ಜಿಲ್ಲಾ ನೀರು ಪರೀಕ್ಷಾ ಪ್ರಯೋಗಾಲಯ ಹಾಗೂ ತಾಲ್ಲೂಕು ಮಟ್ಟದ ಪ್ರಯೋಗಾಲಯಗಳಿಗೆ ಹೊರಗುತ್ತಿಗೆ ಆಧಾರದ ಮೇಲೆ Senior Chemist for District Lab-01, Chemist for Taluk Labs-02, Sample Cell Incharge-01, Junior Analysist-01, Sample Collector-06, House Keeping for Labs-04, Senior Micro Biologist-01 and Junior Micro Biologist-01 ಸಿಬ್ಬಂದಿಯನ್ನು ಒದಗಿಸಲು ಟೆಂಡರ್ ಆಹ್ವಾನಿಸಲಾಗಿದೆ. ಹೆಚ್ಚಿನ ವಿವರಗಳಿಗಾಗಿ www.kppp.karnataka.gov.in ನಲ್ಲಿ ವೀಕ್ಷಿಸಬಹುದು.
DIPR/CTA/KSMCA/ 749/2025-26
ಸಹಿ/- ಕಾರ್ಯನಿರ್ವಾಹಕ ಇಂಜಿನಿಯರ್, ಗ್ರಾ.ಕು.ನೀ ಮತ್ತು ನೈ. ವಿಭಾಗ, ಚಿತ್ರದುರ್ಗ.
